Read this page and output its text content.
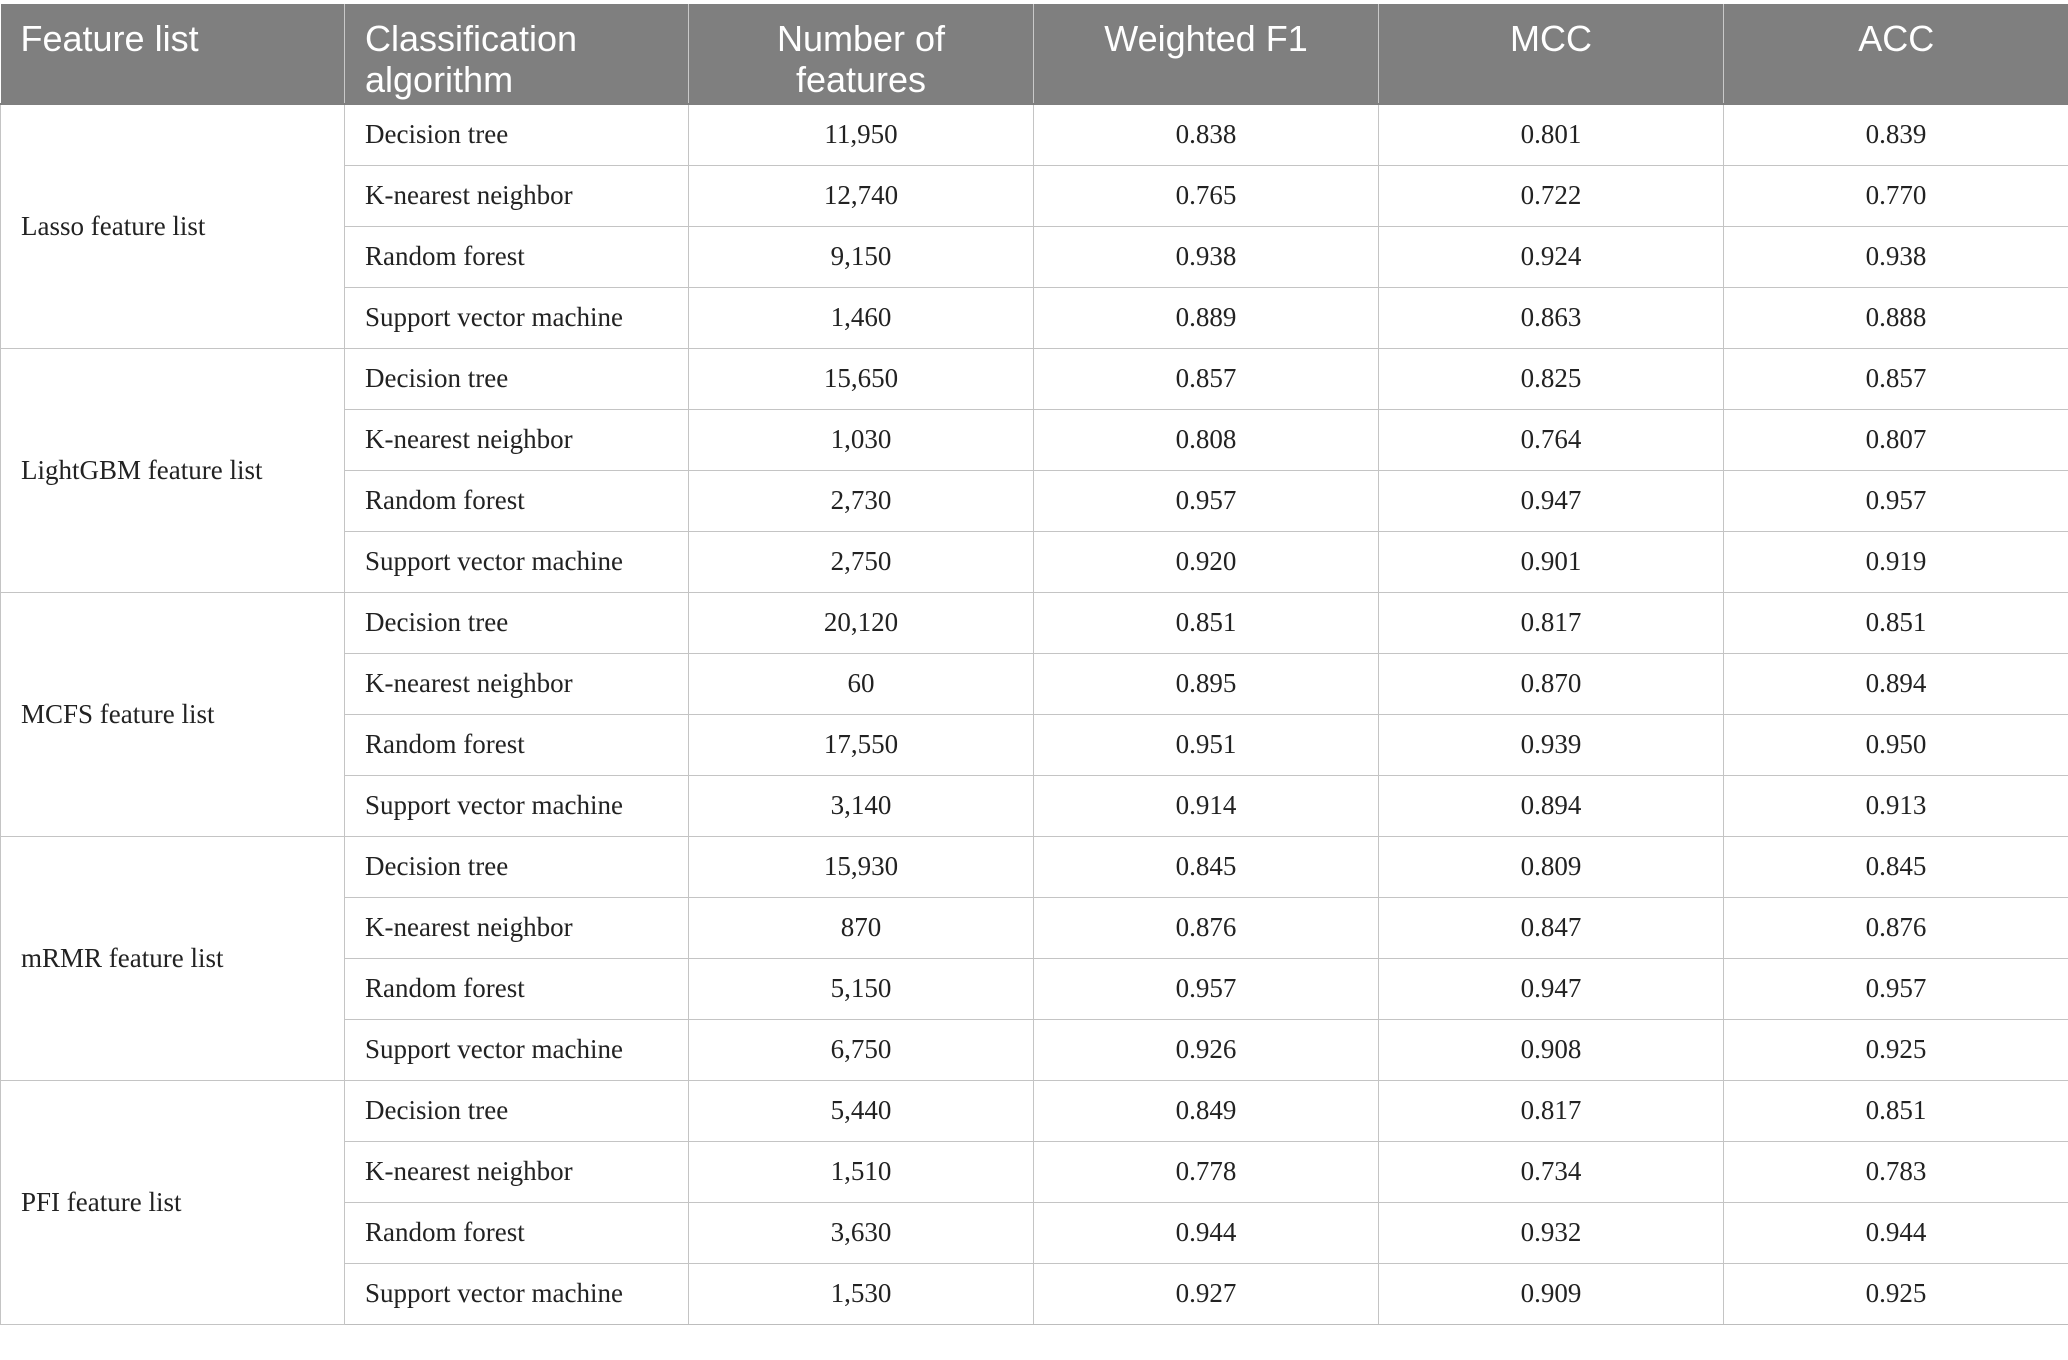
Feature list	Classification algorithm	Number of features	Weighted F1	MCC	ACC
Lasso feature list	Decision tree	11,950	0.838	0.801	0.839
	K-nearest neighbor	12,740	0.765	0.722	0.770
	Random forest	9,150	0.938	0.924	0.938
	Support vector machine	1,460	0.889	0.863	0.888
LightGBM feature list	Decision tree	15,650	0.857	0.825	0.857
	K-nearest neighbor	1,030	0.808	0.764	0.807
	Random forest	2,730	0.957	0.947	0.957
	Support vector machine	2,750	0.920	0.901	0.919
MCFS feature list	Decision tree	20,120	0.851	0.817	0.851
	K-nearest neighbor	60	0.895	0.870	0.894
	Random forest	17,550	0.951	0.939	0.950
	Support vector machine	3,140	0.914	0.894	0.913
mRMR feature list	Decision tree	15,930	0.845	0.809	0.845
	K-nearest neighbor	870	0.876	0.847	0.876
	Random forest	5,150	0.957	0.947	0.957
	Support vector machine	6,750	0.926	0.908	0.925
PFI feature list	Decision tree	5,440	0.849	0.817	0.851
	K-nearest neighbor	1,510	0.778	0.734	0.783
	Random forest	3,630	0.944	0.932	0.944
	Support vector machine	1,530	0.927	0.909	0.925
